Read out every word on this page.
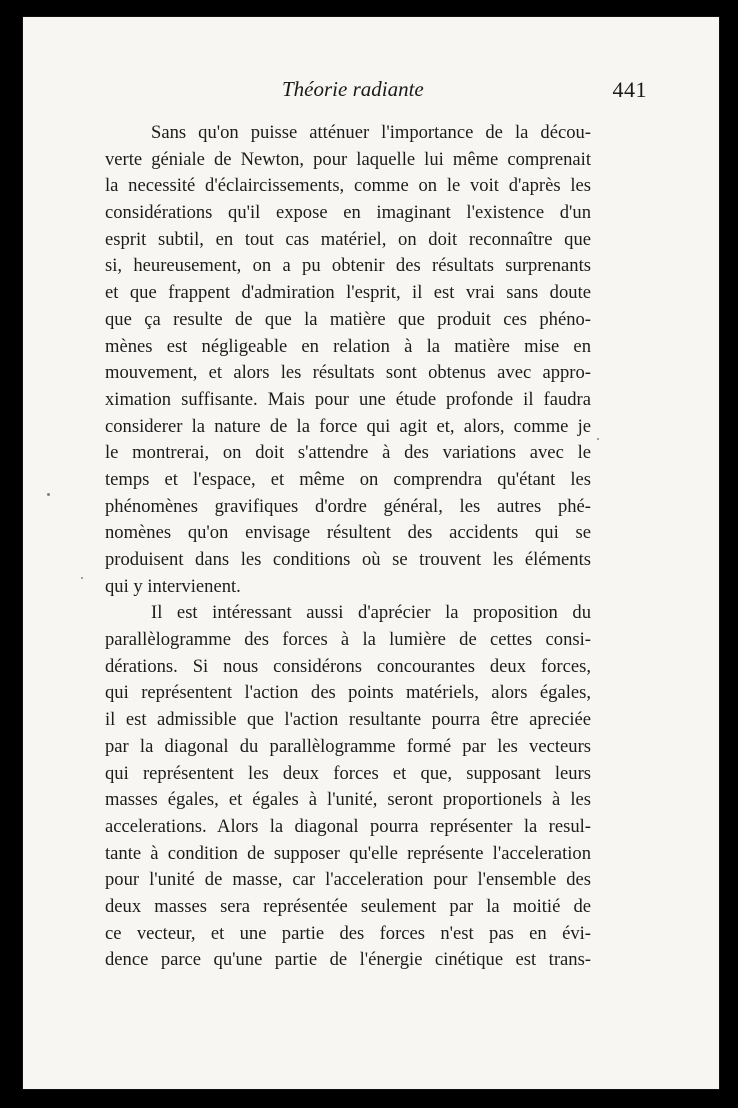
Théorie radiante	441
Sans qu'on puisse atténuer l'importance de la décou-
verte géniale de Newton, pour laquelle lui même comprenait
la necessité d'éclaircissements, comme on le voit d'après les
considérations qu'il expose en imaginant l'existence d'un
esprit subtil, en tout cas matériel, on doit reconnaître que
si, heureusement, on a pu obtenir des résultats surprenants
et que frappent d'admiration l'esprit, il est vrai sans doute
que ça resulte de que la matière que produit ces phéno-
mènes est négligeable en relation à la matière mise en
mouvement, et alors les résultats sont obtenus avec appro-
ximation suffisante. Mais pour une étude profonde il faudra
considerer la nature de la force qui agit et, alors, comme je
le montrerai, on doit s'attendre à des variations avec le
temps et l'espace, et même on comprendra qu'étant les
phénomènes gravifiques d'ordre général, les autres phé-
nomènes qu'on envisage résultent des accidents qui se
produisent dans les conditions où se trouvent les éléments
qui y intervienent.
Il est intéressant aussi d'aprécier la proposition du
parallèlogramme des forces à la lumière de cettes consi-
dérations. Si nous considérons concourantes deux forces,
qui représentent l'action des points matériels, alors égales,
il est admissible que l'action resultante pourra être apreciée
par la diagonal du parallèlogramme formé par les vecteurs
qui représentent les deux forces et que, supposant leurs
masses égales, et égales à l'unité, seront proportionels à les
accelerations. Alors la diagonal pourra représenter la resul-
tante à condition de supposer qu'elle représente l'acceleration
pour l'unité de masse, car l'acceleration pour l'ensemble des
deux masses sera représentée seulement par la moitié de
ce vecteur, et une partie des forces n'est pas en évi-
dence parce qu'une partie de l'énergie cinétique est trans-
